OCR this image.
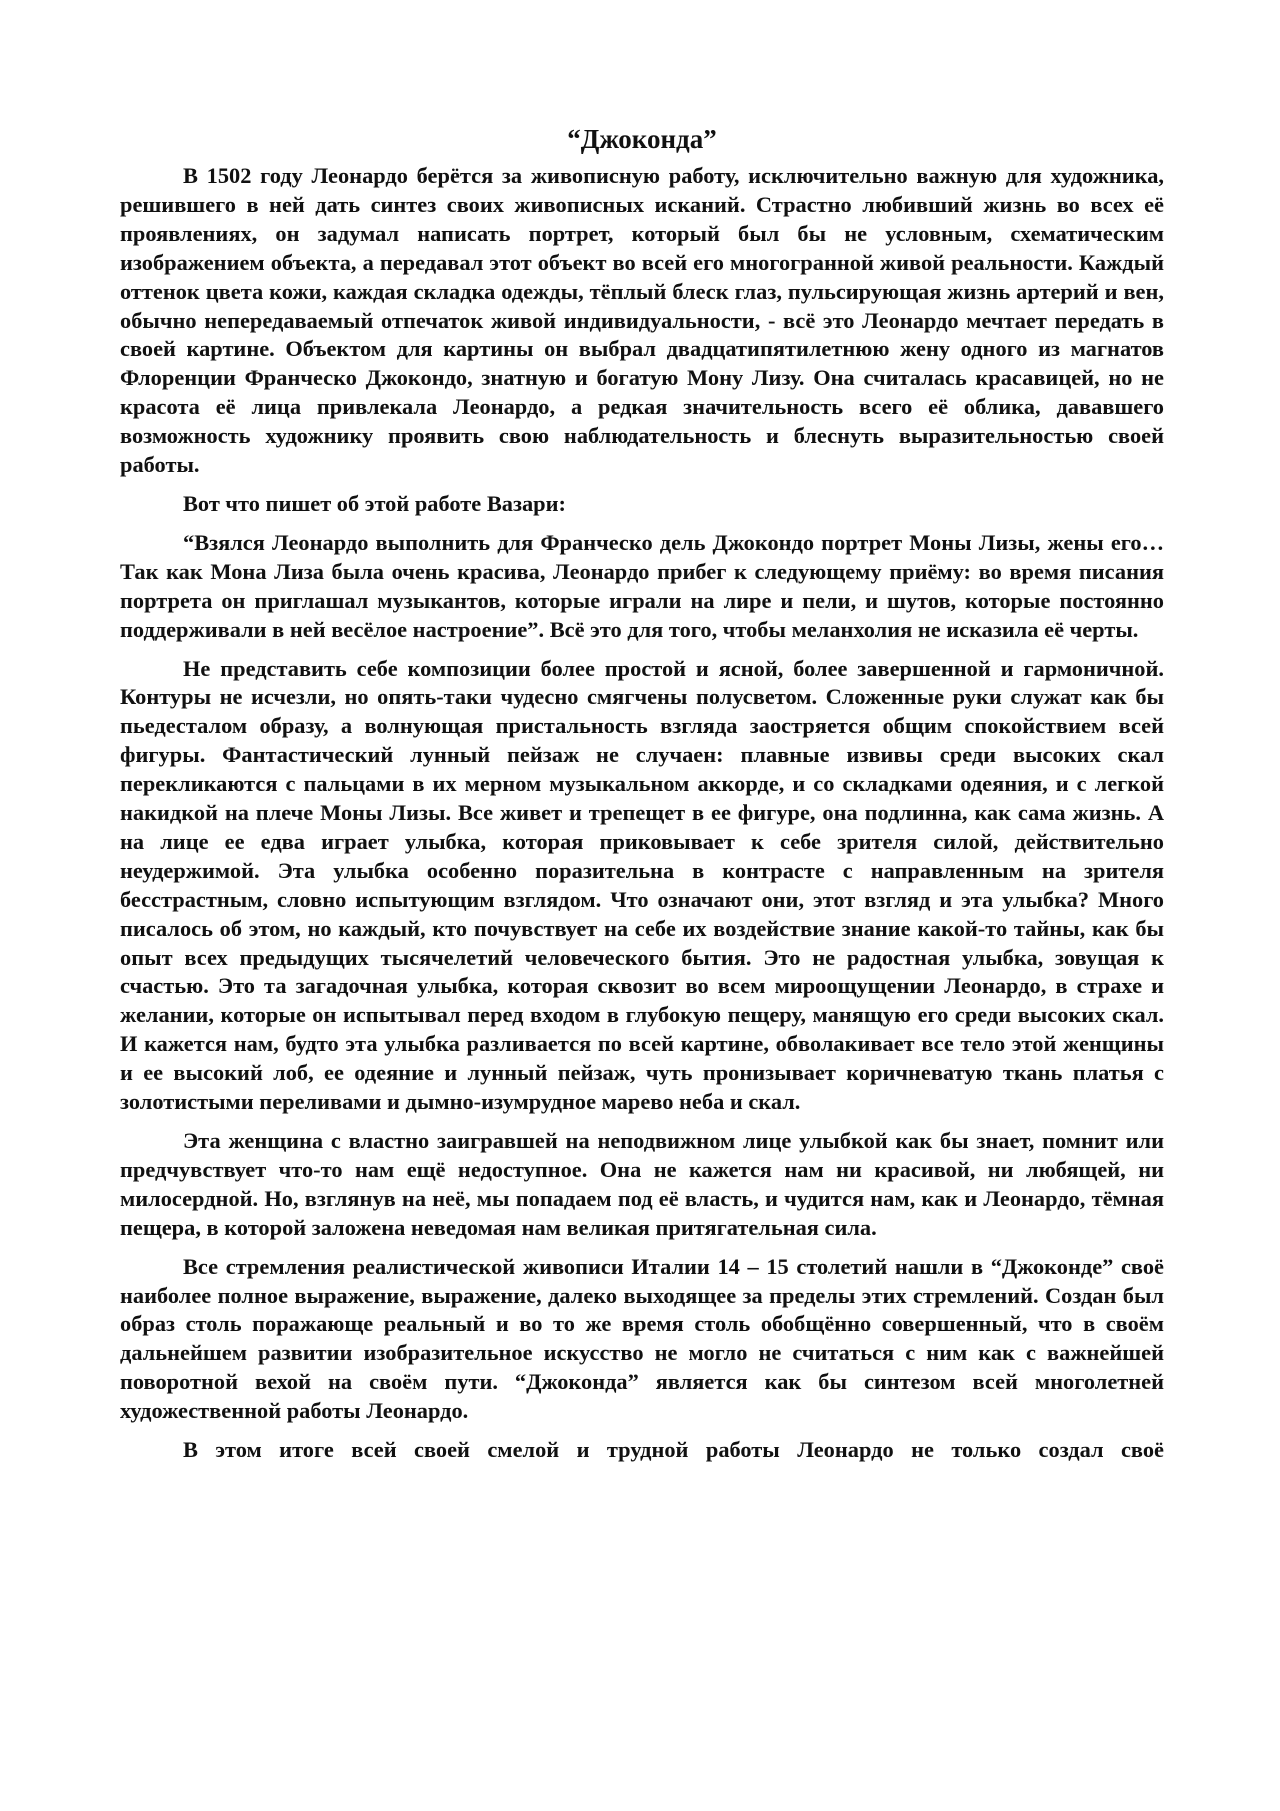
“Джоконда”

В 1502 году Леонардо берётся за живописную работу, исключительно важную для художника, решившего в ней дать синтез своих живописных исканий. Страстно любивший жизнь во всех её проявлениях, он задумал написать портрет, который был бы не условным, схематическим изображением объекта, а передавал этот объект во всей его многогранной живой реальности. Каждый оттенок цвета кожи, каждая складка одежды, тёплый блеск глаз, пульсирующая жизнь артерий и вен, обычно непередаваемый отпечаток живой индивидуальности, - всё это Леонардо мечтает передать в своей картине. Объектом для картины он выбрал двадцатипятилетнюю жену одного из магнатов Флоренции Франческо Джокондо, знатную и богатую Мону Лизу. Она считалась красавицей, но не красота её лица привлекала Леонардо, а редкая значительность всего её облика, дававшего возможность художнику проявить свою наблюдательность и блеснуть выразительностью своей работы.

Вот что пишет об этой работе Вазари:

“Взялся Леонардо выполнить для Франческо дель Джокондо портрет Моны Лизы, жены его… Так как Мона Лиза была очень красива, Леонардо прибег к следующему приёму: во время писания портрета он приглашал музыкантов, которые играли на лире и пели, и шутов, которые постоянно поддерживали в ней весёлое настроение”. Всё это для того, чтобы меланхолия не исказила её черты.

Не представить себе композиции более простой и ясной, более завершенной и гармоничной. Контуры не исчезли, но опять-таки чудесно смягчены полусветом. Сложенные руки служат как бы пьедесталом образу, а волнующая пристальность взгляда заостряется общим спокойствием всей фигуры. Фантастический лунный пейзаж не случаен: плавные извивы среди высоких скал перекликаются с пальцами в их мерном музыкальном аккорде, и со складками одеяния, и с легкой накидкой на плече Моны Лизы. Все живет и трепещет в ее фигуре, она подлинна, как сама жизнь. А на лице ее едва играет улыбка, которая приковывает к себе зрителя силой, действительно неудержимой. Эта улыбка особенно поразительна в контрасте с направленным на зрителя бесстрастным, словно испытующим взглядом. Что означают они, этот взгляд и эта улыбка? Много писалось об этом, но каждый, кто почувствует на себе их воздействие знание какой-то тайны, как бы опыт всех предыдущих тысячелетий человеческого бытия. Это не радостная улыбка, зовущая к счастью. Это та загадочная улыбка, которая сквозит во всем мироощущении Леонардо, в страхе и желании, которые он испытывал перед входом в глубокую пещеру, манящую его среди высоких скал. И кажется нам, будто эта улыбка разливается по всей картине, обволакивает все тело этой женщины и ее высокий лоб, ее одеяние и лунный пейзаж, чуть пронизывает коричневатую ткань платья с золотистыми переливами и дымно-изумрудное марево неба и скал.

Эта женщина с властно заигравшей на неподвижном лице улыбкой как бы знает, помнит или предчувствует что-то нам ещё недоступное. Она не кажется нам ни красивой, ни любящей, ни милосердной. Но, взглянув на неё, мы попадаем под её власть, и чудится нам, как и Леонардо, тёмная пещера, в которой заложена неведомая нам великая притягательная сила.

Все стремления реалистической живописи Италии 14 – 15 столетий нашли в “Джоконде” своё наиболее полное выражение, выражение, далеко выходящее за пределы этих стремлений. Создан был образ столь поражающе реальный и во то же время столь обобщённо совершенный, что в своём дальнейшем развитии изобразительное искусство не могло не считаться с ним как с важнейшей поворотной вехой на своём пути. “Джоконда” является как бы синтезом всей многолетней художественной работы Леонардо.

В этом итоге всей своей смелой и трудной работы Леонардо не только создал своё
